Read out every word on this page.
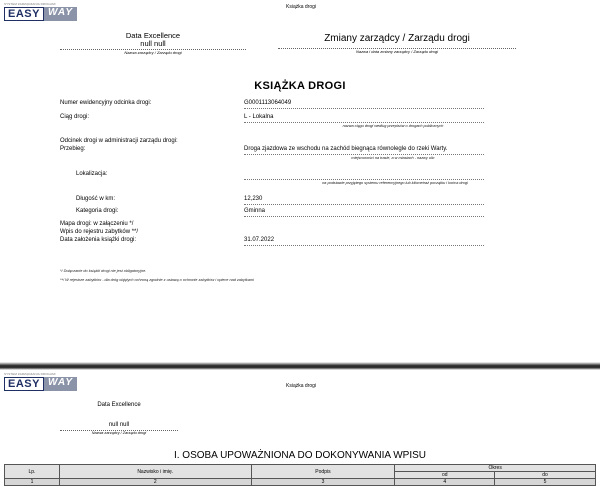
SYSTEM ZARZĄDZANIA DROGAMI
EASY WAY	Książka drogi
Data Excellence
null null
Nazwa zarządcy / Zarządu drogi
Zmiany zarządcy / Zarządu drogi
Nazwa i data zmiany zarządcy / Zarządu drogi
KSIĄŻKA DROGI
Numer ewidencyjny odcinka drogi:	G0001113064049
Ciąg drogi:	L - Lokalna
nazwa ciągu drogi według przepisów o drogach publicznych
Odcinek drogi w administracji zarządu drogi:
Przebieg:	Droga zjazdowa ze wschodu na zachód biegnąca równolegle do rzeki Warty.
miejscowości na trasie, a w miastach - nazwy ulic
Lokalizacja:
na podstawie przyjętego systemu referencyjnego lub kilometraż początku i końca drogi
Długość w km:	12,230
Kategoria drogi:	Gminna
Mapa drogi: w załączeniu */
Wpis do rejestru zabytków **/
Data założenia książki drogi:	31.07.2022
*/ Dołączanie do książki drogi nie jest obligatoryjne.
**/ W rejestrze zabytków - dla dróg objętych ochroną zgodnie z ustawą o ochronie zabytków i opiece nad zabytkami
SYSTEM ZARZĄDZANIA DROGAMI
EASY WAY	Książka drogi
Data Excellence
null null
Nazwa zarządcy / Zarządu drogi
I. OSOBA UPOWAŻNIONA DO DOKONYWANIA WPISU
Lp.	Nazwisko i imię.	Podpis	Okres	
			od	do
1	2	3	4	5
